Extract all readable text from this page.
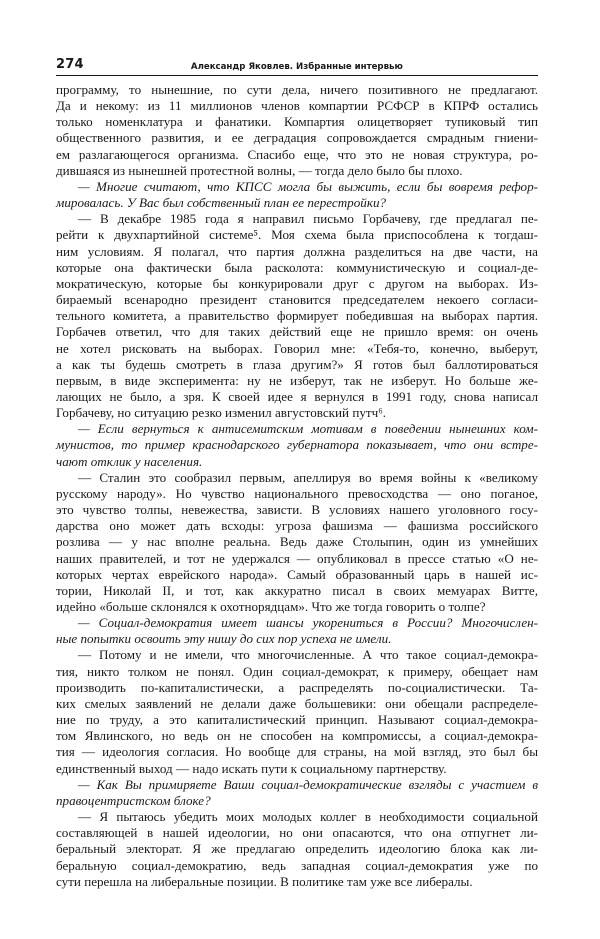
274	Александр Яковлев. Избранные интервью
программу, то нынешние, по сути дела, ничего позитивного не предлагают.
Да и некому: из 11 миллионов членов компартии РСФСР в КПРФ остались
только номенклатура и фанатики. Компартия олицетворяет тупиковый тип
общественного развития, и ее деградация сопровождается смрадным гниени-
ем разлагающегося организма. Спасибо еще, что это не новая структура, ро-
дившаяся из нынешней протестной волны, — тогда дело было бы плохо.
— Многие считают, что КПСС могла бы выжить, если бы вовремя рефор-
мировалась. У Вас был собственный план ее перестройки?
— В декабре 1985 года я направил письмо Горбачеву, где предлагал пе-
рейти к двухпартийной системе⁵. Моя схема была приспособлена к тогдаш-
ним условиям. Я полагал, что партия должна разделиться на две части, на
которые она фактически была расколота: коммунистическую и социал-де-
мократическую, которые бы конкурировали друг с другом на выборах. Из-
бираемый всенародно президент становится председателем некоего согласи-
тельного комитета, а правительство формирует победившая на выборах партия.
Горбачев ответил, что для таких действий еще не пришло время: он очень
не хотел рисковать на выборах. Говорил мне: «Тебя-то, конечно, выберут,
а как ты будешь смотреть в глаза другим?» Я готов был баллотироваться
первым, в виде эксперимента: ну не изберут, так не изберут. Но больше же-
лающих не было, а зря. К своей идее я вернулся в 1991 году, снова написал
Горбачеву, но ситуацию резко изменил августовский путч⁶.
— Если вернуться к антисемитским мотивам в поведении нынешних ком-
мунистов, то пример краснодарского губернатора показывает, что они встре-
чают отклик у населения.
— Сталин это сообразил первым, апеллируя во время войны к «великому
русскому народу». Но чувство национального превосходства — оно поганое,
это чувство толпы, невежества, зависти. В условиях нашего уголовного госу-
дарства оно может дать всходы: угроза фашизма — фашизма российского
розлива — у нас вполне реальна. Ведь даже Столыпин, один из умнейших
наших правителей, и тот не удержался — опубликовал в прессе статью «О не-
которых чертах еврейского народа». Самый образованный царь в нашей ис-
тории, Николай II, и тот, как аккуратно писал в своих мемуарах Витте,
идейно «больше склонялся к охотнорядцам». Что же тогда говорить о толпе?
— Социал-демократия имеет шансы укорениться в России? Многочислен-
ные попытки освоить эту нишу до сих пор успеха не имели.
— Потому и не имели, что многочисленные. А что такое социал-демокра-
тия, никто толком не понял. Один социал-демократ, к примеру, обещает нам
производить по-капиталистически, а распределять по-социалистически. Та-
ких смелых заявлений не делали даже большевики: они обещали распределе-
ние по труду, а это капиталистический принцип. Называют социал-демокра-
том Явлинского, но ведь он не способен на компромиссы, а социал-демокра-
тия — идеология согласия. Но вообще для страны, на мой взгляд, это был бы
единственный выход — надо искать пути к социальному партнерству.
— Как Вы примиряете Ваши социал-демократические взгляды с участием в
правоцентристском блоке?
— Я пытаюсь убедить моих молодых коллег в необходимости социальной
составляющей в нашей идеологии, но они опасаются, что она отпугнет ли-
беральный электорат. Я же предлагаю определить идеологию блока как ли-
беральную социал-демократию, ведь западная социал-демократия уже по
сути перешла на либеральные позиции. В политике там уже все либералы.
